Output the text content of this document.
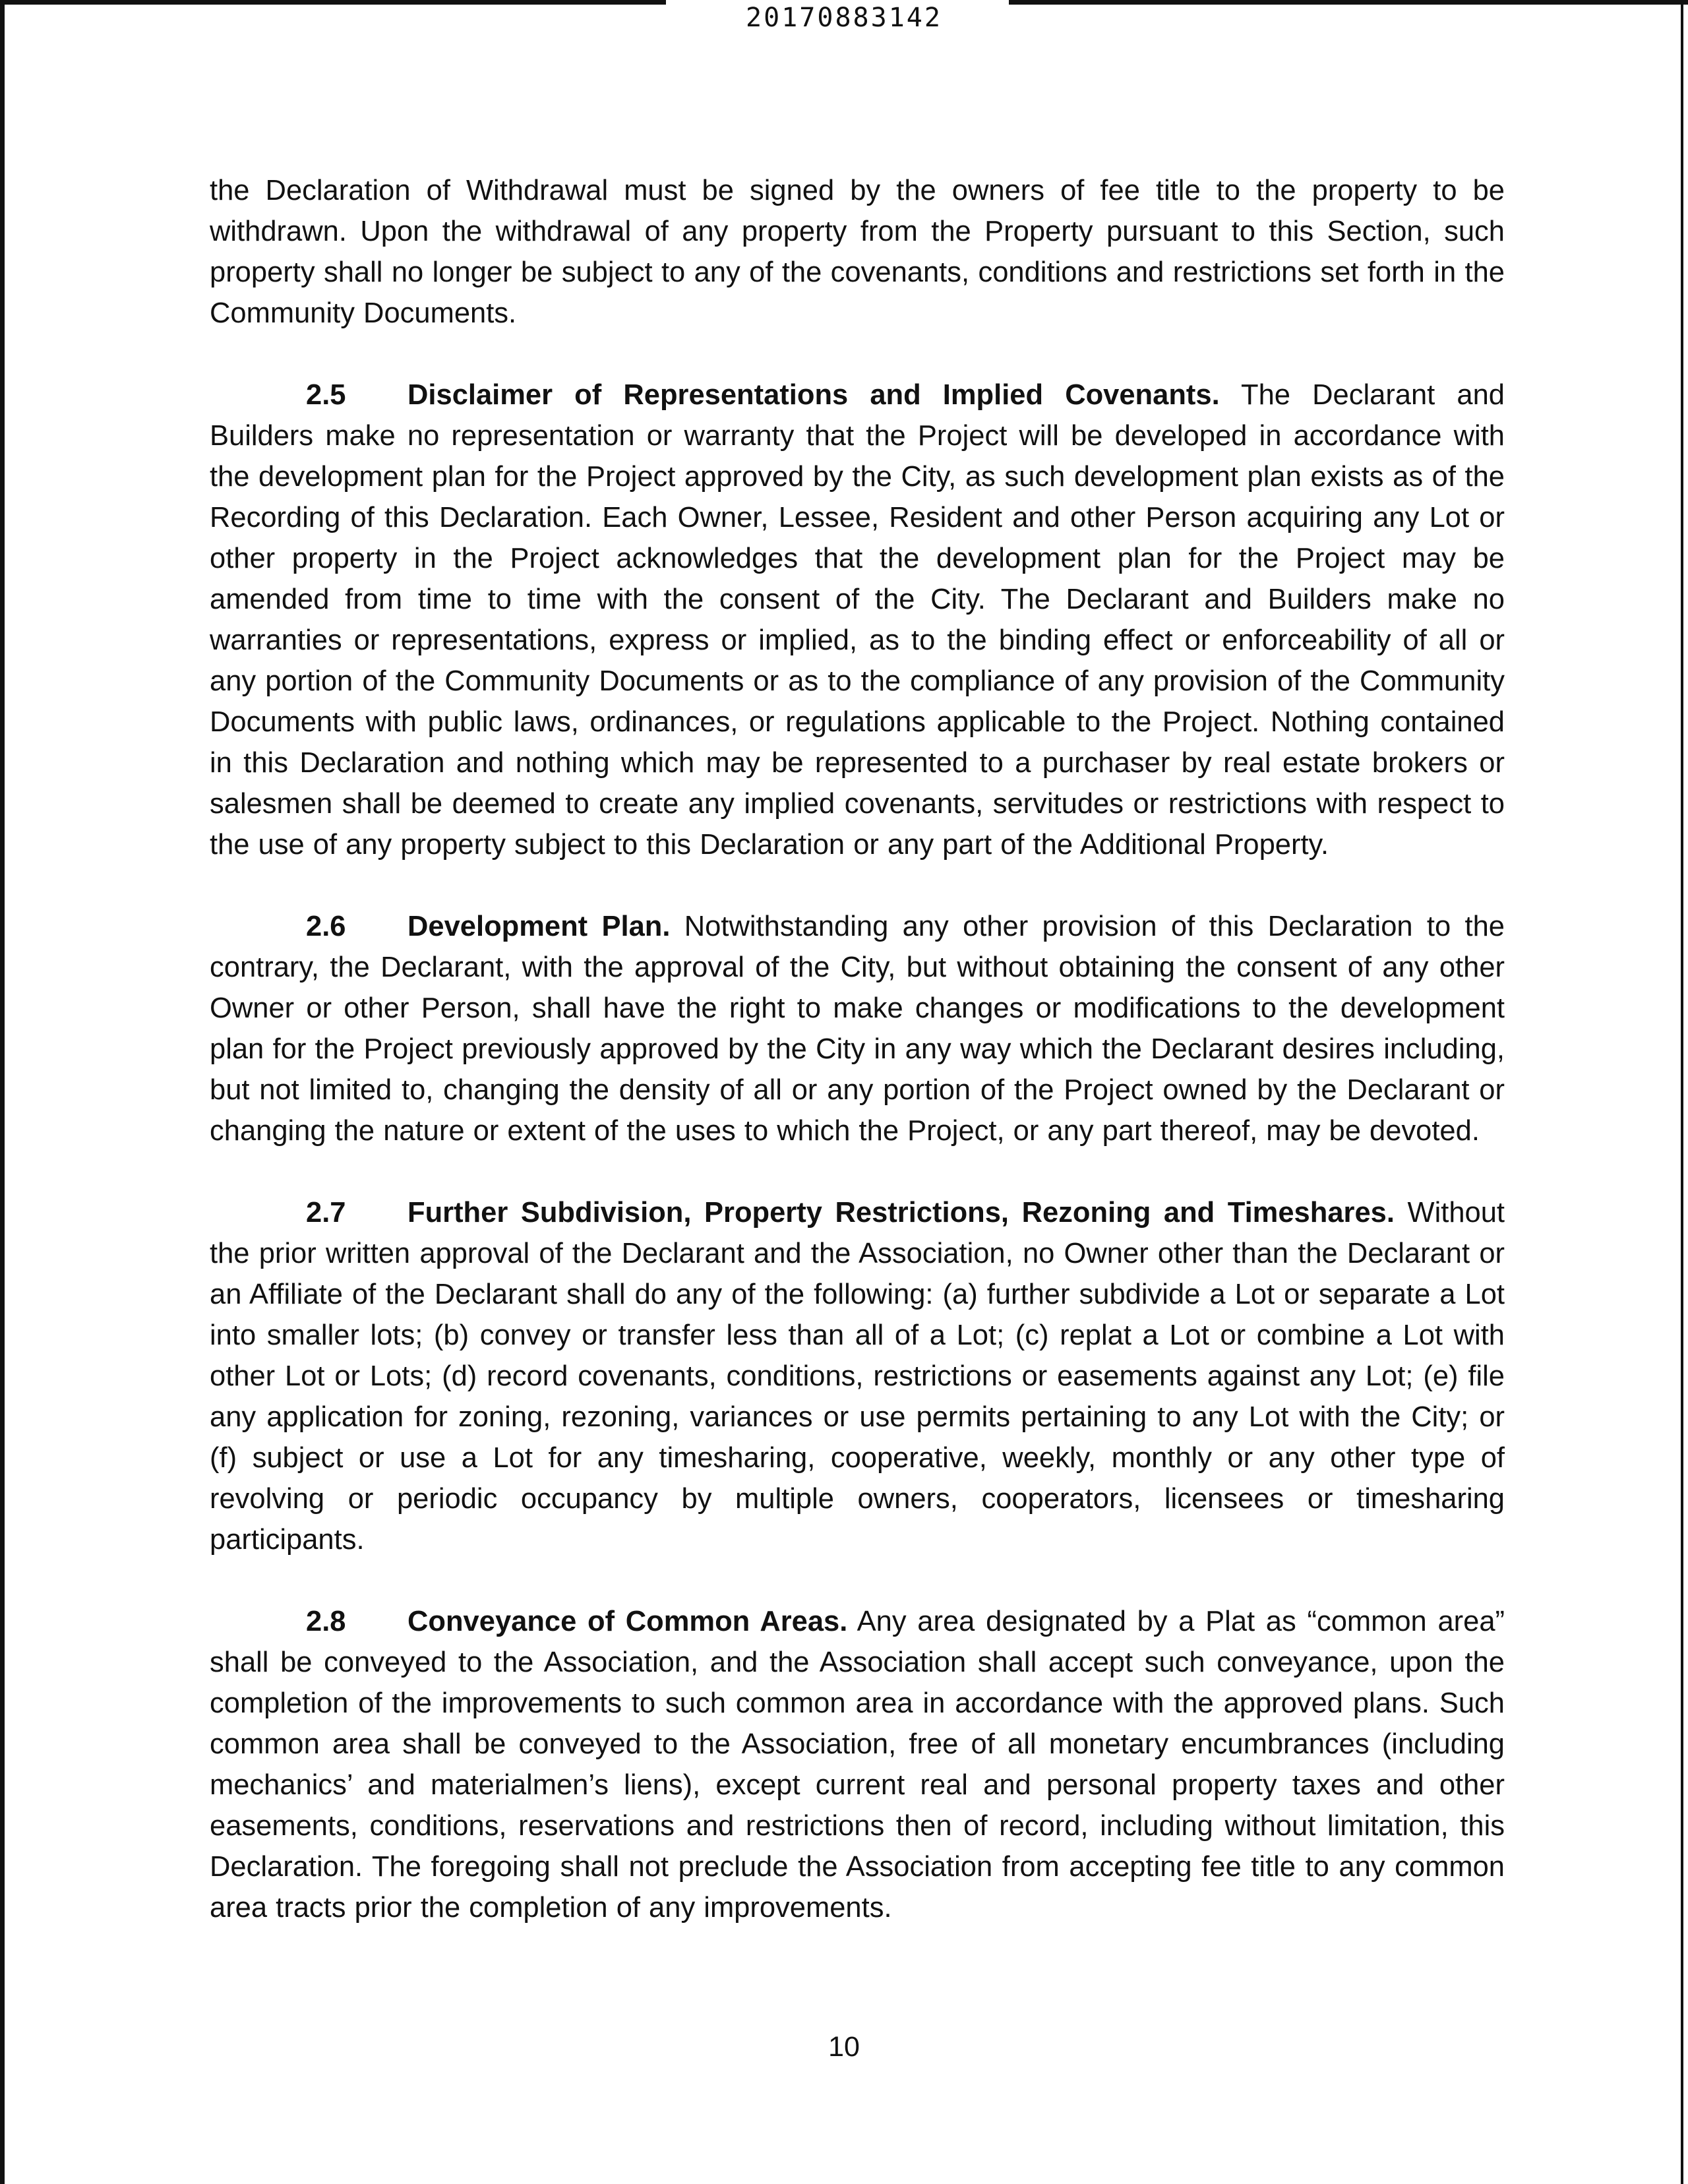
20170883142

the Declaration of Withdrawal must be signed by the owners of fee title to the property to be withdrawn. Upon the withdrawal of any property from the Property pursuant to this Section, such property shall no longer be subject to any of the covenants, conditions and restrictions set forth in the Community Documents.

2.5 Disclaimer of Representations and Implied Covenants. The Declarant and Builders make no representation or warranty that the Project will be developed in accordance with the development plan for the Project approved by the City, as such development plan exists as of the Recording of this Declaration. Each Owner, Lessee, Resident and other Person acquiring any Lot or other property in the Project acknowledges that the development plan for the Project may be amended from time to time with the consent of the City. The Declarant and Builders make no warranties or representations, express or implied, as to the binding effect or enforceability of all or any portion of the Community Documents or as to the compliance of any provision of the Community Documents with public laws, ordinances, or regulations applicable to the Project. Nothing contained in this Declaration and nothing which may be represented to a purchaser by real estate brokers or salesmen shall be deemed to create any implied covenants, servitudes or restrictions with respect to the use of any property subject to this Declaration or any part of the Additional Property.

2.6 Development Plan. Notwithstanding any other provision of this Declaration to the contrary, the Declarant, with the approval of the City, but without obtaining the consent of any other Owner or other Person, shall have the right to make changes or modifications to the development plan for the Project previously approved by the City in any way which the Declarant desires including, but not limited to, changing the density of all or any portion of the Project owned by the Declarant or changing the nature or extent of the uses to which the Project, or any part thereof, may be devoted.

2.7 Further Subdivision, Property Restrictions, Rezoning and Timeshares. Without the prior written approval of the Declarant and the Association, no Owner other than the Declarant or an Affiliate of the Declarant shall do any of the following: (a) further subdivide a Lot or separate a Lot into smaller lots; (b) convey or transfer less than all of a Lot; (c) replat a Lot or combine a Lot with other Lot or Lots; (d) record covenants, conditions, restrictions or easements against any Lot; (e) file any application for zoning, rezoning, variances or use permits pertaining to any Lot with the City; or (f) subject or use a Lot for any timesharing, cooperative, weekly, monthly or any other type of revolving or periodic occupancy by multiple owners, cooperators, licensees or timesharing participants.

2.8 Conveyance of Common Areas. Any area designated by a Plat as “common area” shall be conveyed to the Association, and the Association shall accept such conveyance, upon the completion of the improvements to such common area in accordance with the approved plans. Such common area shall be conveyed to the Association, free of all monetary encumbrances (including mechanics’ and materialmen’s liens), except current real and personal property taxes and other easements, conditions, reservations and restrictions then of record, including without limitation, this Declaration. The foregoing shall not preclude the Association from accepting fee title to any common area tracts prior the completion of any improvements.

10
